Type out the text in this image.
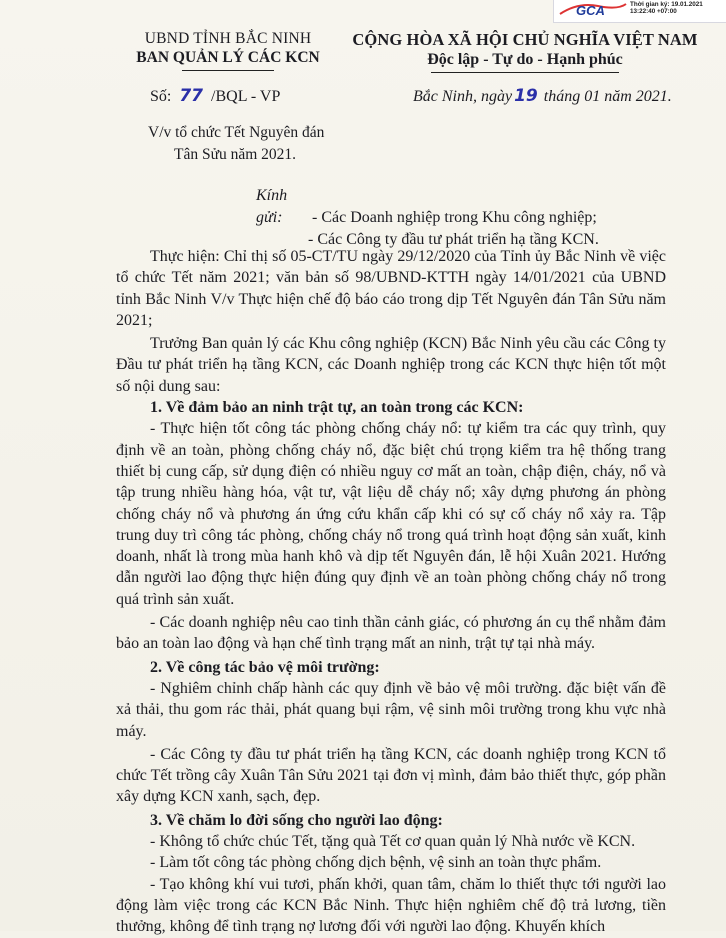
GCA	Thời gian ký: 19.01.2021
13:22:40 +07:00
UBND TỈNH BẮC NINH
BAN QUẢN LÝ CÁC KCN
CỘNG HÒA XÃ HỘI CHỦ NGHĨA VIỆT NAM
Độc lập - Tự do - Hạnh phúc
Số: 77 /BQL - VP	Bắc Ninh, ngày 19 tháng 01 năm 2021.
V/v tổ chức Tết Nguyên đán
Tân Sửu năm 2021.
Kính gửi: - Các Doanh nghiệp trong Khu công nghiệp;
- Các Công ty đầu tư phát triển hạ tầng KCN.

Thực hiện: Chỉ thị số 05-CT/TU ngày 29/12/2020 của Tỉnh ủy Bắc Ninh về việc tổ chức Tết năm 2021; văn bản số 98/UBND-KTTH ngày 14/01/2021 của UBND tỉnh Bắc Ninh V/v Thực hiện chế độ báo cáo trong dịp Tết Nguyên đán Tân Sửu năm 2021;

Trưởng Ban quản lý các Khu công nghiệp (KCN) Bắc Ninh yêu cầu các Công ty Đầu tư phát triển hạ tầng KCN, các Doanh nghiệp trong các KCN thực hiện tốt một số nội dung sau:

1. Về đảm bảo an ninh trật tự, an toàn trong các KCN:

- Thực hiện tốt công tác phòng chống cháy nổ: tự kiểm tra các quy trình, quy định về an toàn, phòng chống cháy nổ, đặc biệt chú trọng kiểm tra hệ thống trang thiết bị cung cấp, sử dụng điện có nhiều nguy cơ mất an toàn, chập điện, cháy, nổ và tập trung nhiều hàng hóa, vật tư, vật liệu dễ cháy nổ; xây dựng phương án phòng chống cháy nổ và phương án ứng cứu khẩn cấp khi có sự cố cháy nổ xảy ra. Tập trung duy trì công tác phòng, chống cháy nổ trong quá trình hoạt động sản xuất, kinh doanh, nhất là trong mùa hanh khô và dịp tết Nguyên đán, lễ hội Xuân 2021. Hướng dẫn người lao động thực hiện đúng quy định về an toàn phòng chống cháy nổ trong quá trình sản xuất.

- Các doanh nghiệp nêu cao tinh thần cảnh giác, có phương án cụ thể nhằm đảm bảo an toàn lao động và hạn chế tình trạng mất an ninh, trật tự tại nhà máy.

2. Về công tác bảo vệ môi trường:

- Nghiêm chỉnh chấp hành các quy định về bảo vệ môi trường. đặc biệt vấn đề xả thải, thu gom rác thải, phát quang bụi rậm, vệ sinh môi trường trong khu vực nhà máy.

- Các Công ty đầu tư phát triển hạ tầng KCN, các doanh nghiệp trong KCN tổ chức Tết trồng cây Xuân Tân Sửu 2021 tại đơn vị mình, đảm bảo thiết thực, góp phần xây dựng KCN xanh, sạch, đẹp.

3. Về chăm lo đời sống cho người lao động:

- Không tổ chức chúc Tết, tặng quà Tết cơ quan quản lý Nhà nước về KCN.

- Làm tốt công tác phòng chống dịch bệnh, vệ sinh an toàn thực phẩm.

- Tạo không khí vui tươi, phấn khởi, quan tâm, chăm lo thiết thực tới người lao động làm việc trong các KCN Bắc Ninh. Thực hiện nghiêm chế độ trả lương, tiền thưởng, không để tình trạng nợ lương đối với người lao động. Khuyến khích
